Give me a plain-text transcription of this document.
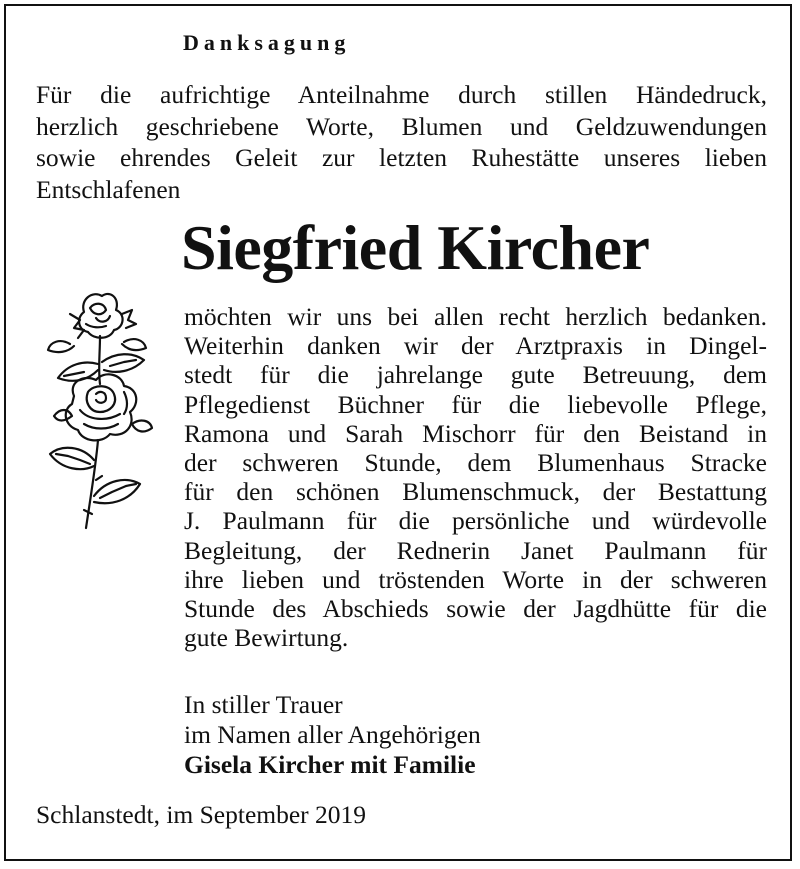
Danksagung
Für die aufrichtige Anteilnahme durch stillen Händedruck,
herzlich geschriebene Worte, Blumen und Geldzuwendungen
sowie ehrendes Geleit zur letzten Ruhestätte unseres lieben
Entschlafenen
Siegfried Kircher
möchten wir uns bei allen recht herzlich bedanken.
Weiterhin danken wir der Arztpraxis in Dingel-
stedt für die jahrelange gute Betreuung, dem
Pflegedienst Büchner für die liebevolle Pflege,
Ramona und Sarah Mischorr für den Beistand in
der schweren Stunde, dem Blumenhaus Stracke
für den schönen Blumenschmuck, der Bestattung
J. Paulmann für die persönliche und würdevolle
Begleitung, der Rednerin Janet Paulmann für
ihre lieben und tröstenden Worte in der schweren
Stunde des Abschieds sowie der Jagdhütte für die
gute Bewirtung.
In stiller Trauer
im Namen aller Angehörigen
Gisela Kircher mit Familie
Schlanstedt, im September 2019
